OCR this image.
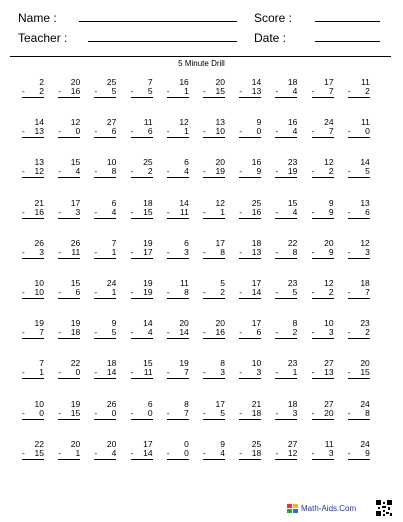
Name :	Score :
Teacher :	Date :
5 Minute Drill
2
- 2
20
- 16
25
- 5
7
- 5
16
- 1
20
- 15
14
- 13
18
- 4
17
- 7
11
- 2
14
- 13
12
- 0
27
- 6
11
- 6
12
- 1
13
- 10
9
- 0
16
- 4
24
- 7
11
- 0
13
- 12
15
- 4
10
- 8
25
- 2
6
- 4
20
- 19
16
- 9
23
- 19
12
- 2
14
- 5
21
- 16
17
- 3
6
- 4
18
- 15
14
- 11
12
- 1
25
- 16
15
- 4
9
- 9
13
- 6
26
- 3
26
- 11
7
- 1
19
- 17
6
- 3
17
- 8
18
- 13
22
- 8
20
- 9
12
- 3
10
- 10
15
- 6
24
- 1
19
- 19
11
- 8
5
- 2
17
- 14
23
- 5
12
- 2
18
- 7
19
- 7
19
- 18
9
- 5
14
- 4
20
- 14
20
- 16
17
- 6
8
- 2
10
- 3
23
- 2
7
- 1
22
- 0
18
- 14
15
- 11
19
- 7
8
- 3
10
- 3
23
- 1
27
- 13
20
- 15
10
- 0
19
- 15
26
- 0
6
- 0
8
- 7
17
- 5
21
- 18
18
- 3
27
- 20
24
- 8
22
- 15
20
- 1
20
- 4
17
- 14
0
- 0
9
- 4
25
- 18
27
- 12
11
- 3
24
- 9
Math-Aids.Com
